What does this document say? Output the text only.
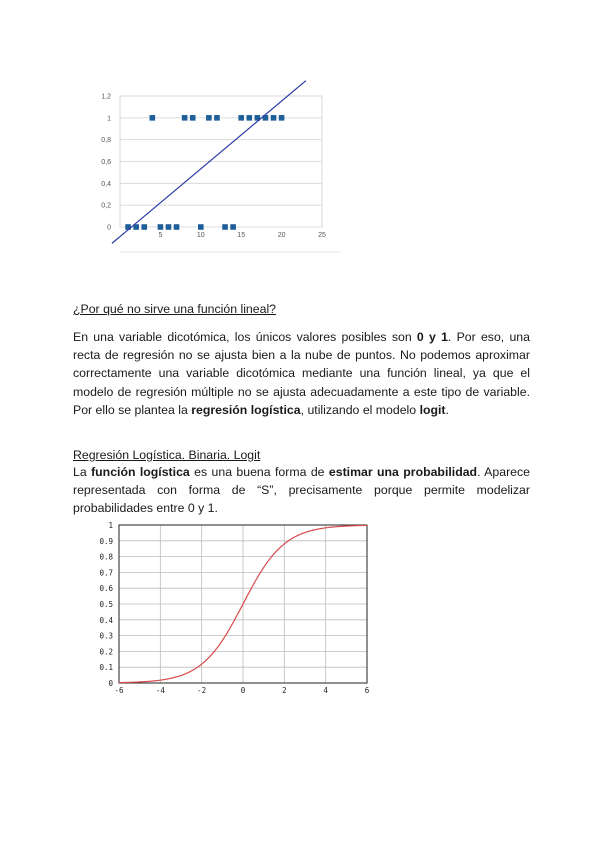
1
0,8
0,6
0,4
0,2
0
1,2
5	10	15	20	25
¿Por qué no sirve una función lineal?
En una variable dicotómica, los únicos valores posibles son 0 y 1. Por eso, una recta de regresión no se ajusta bien a la nube de puntos. No podemos aproximar correctamente una variable dicotómica mediante una función lineal, ya que el modelo de regresión múltiple no se ajusta adecuadamente a este tipo de variable. Por ello se plantea la regresión logística, utilizando el modelo logit.
Regresión Logística. Binaria. Logit
La función logística es una buena forma de estimar una probabilidad. Aparece representada con forma de “S”, precisamente porque permite modelizar probabilidades entre 0 y 1.
1
0.9
0.8
0.7
0.6
0.5
0.4
0.3
0.2
0.1
0
-6	-4	-2	0	2	4	6
